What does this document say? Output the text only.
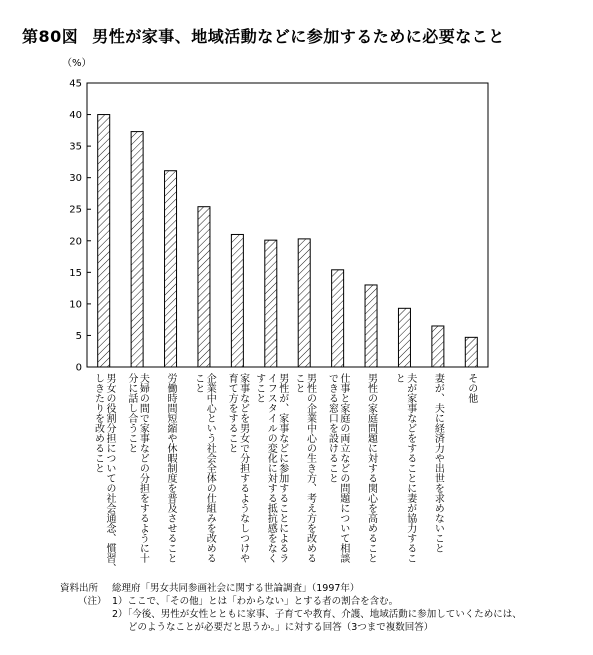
第80図 男性が家事、地域活動などに参加するために必要なこと
（%）
0
5
10
15
20
25
30
35
40
45
男女の役割分担についての社会通念、慣習、
しきたりを改めること	夫婦の間で家事などの分担をするように十
分に話し合うこと	労働時間短縮や休暇制度を普及させること	企業中心という社会全体の仕組みを改める
こと	家事などを男女で分担するようなしつけや
育て方をすること	男性が、家事などに参加することによるラ
イフスタイルの変化に対する抵抗感をなく
すこと	男性の企業中心の生き方、考え方を改める
こと	仕事と家庭の両立などの問題について相談
できる窓口を設けること	男性の家庭問題に対する関心を高めること	夫が家事などをすることに妻が協力するこ
と	妻が、夫に経済力や出世を求めないこと その他
資料出所	総理府「男女共同参画社会に関する世論調査」（1997年）
（注） 1）ここで、「その他」とは「わからない」とする者の割合を含む。
2）「今後、男性が女性とともに家事、子育てや教育、介護、地域活動に参加していくためには、
どのようなことが必要だと思うか。」に対する回答（3つまで複数回答）
